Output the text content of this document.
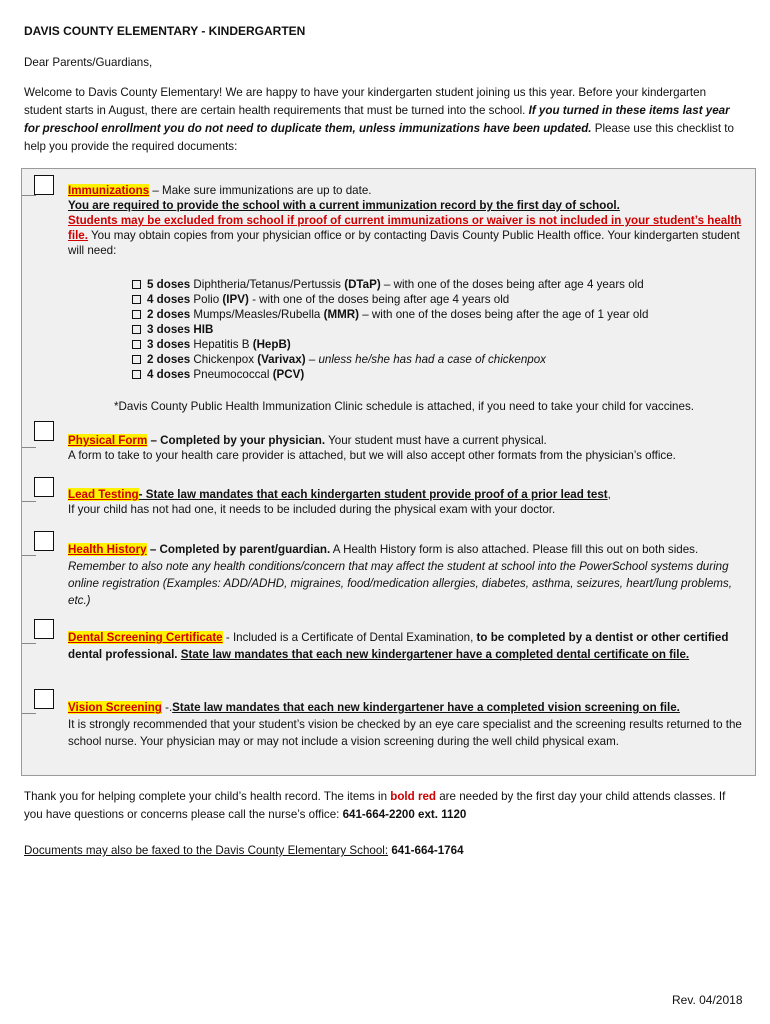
DAVIS COUNTY ELEMENTARY - KINDERGARTEN
Dear Parents/Guardians,
Welcome to Davis County Elementary! We are happy to have your kindergarten student joining us this year. Before your kindergarten student starts in August, there are certain health requirements that must be turned into the school. If you turned in these items last year for preschool enrollment you do not need to duplicate them, unless immunizations have been updated. Please use this checklist to help you provide the required documents:
Immunizations – Make sure immunizations are up to date.
You are required to provide the school with a current immunization record by the first day of school.
Students may be excluded from school if proof of current immunizations or waiver is not included in your student’s health file. You may obtain copies from your physician office or by contacting Davis County Public Health office. Your kindergarten student will need:
5 doses Diphtheria/Tetanus/Pertussis (DTaP) – with one of the doses being after age 4 years old
4 doses Polio (IPV) - with one of the doses being after age 4 years old
2 doses Mumps/Measles/Rubella (MMR) – with one of the doses being after the age of 1 year old
3 doses HIB
3 doses Hepatitis B (HepB)
2 doses Chickenpox (Varivax) – unless he/she has had a case of chickenpox
4 doses Pneumococcal (PCV)
*Davis County Public Health Immunization Clinic schedule is attached, if you need to take your child for vaccines.
Physical Form – Completed by your physician. Your student must have a current physical.
A form to take to your health care provider is attached, but we will also accept other formats from the physician’s office.
Lead Testing- State law mandates that each kindergarten student provide proof of a prior lead test,
If your child has not had one, it needs to be included during the physical exam with your doctor.
Health History – Completed by parent/guardian. A Health History form is also attached. Please fill this out on both sides. Remember to also note any health conditions/concern that may affect the student at school into the PowerSchool systems during online registration (Examples: ADD/ADHD, migraines, food/medication allergies, diabetes, asthma, seizures, heart/lung problems, etc.)
Dental Screening Certificate - Included is a Certificate of Dental Examination, to be completed by a dentist or other certified dental professional. State law mandates that each new kindergartener have a completed dental certificate on file.
Vision Screening -.State law mandates that each new kindergartener have a completed vision screening on file.
It is strongly recommended that your student’s vision be checked by an eye care specialist and the screening results returned to the school nurse. Your physician may or may not include a vision screening during the well child physical exam.
Thank you for helping complete your child’s health record. The items in bold red are needed by the first day your child attends classes. If you have questions or concerns please call the nurse’s office: 641-664-2200 ext. 1120
Documents may also be faxed to the Davis County Elementary School: 641-664-1764
Rev. 04/2018
